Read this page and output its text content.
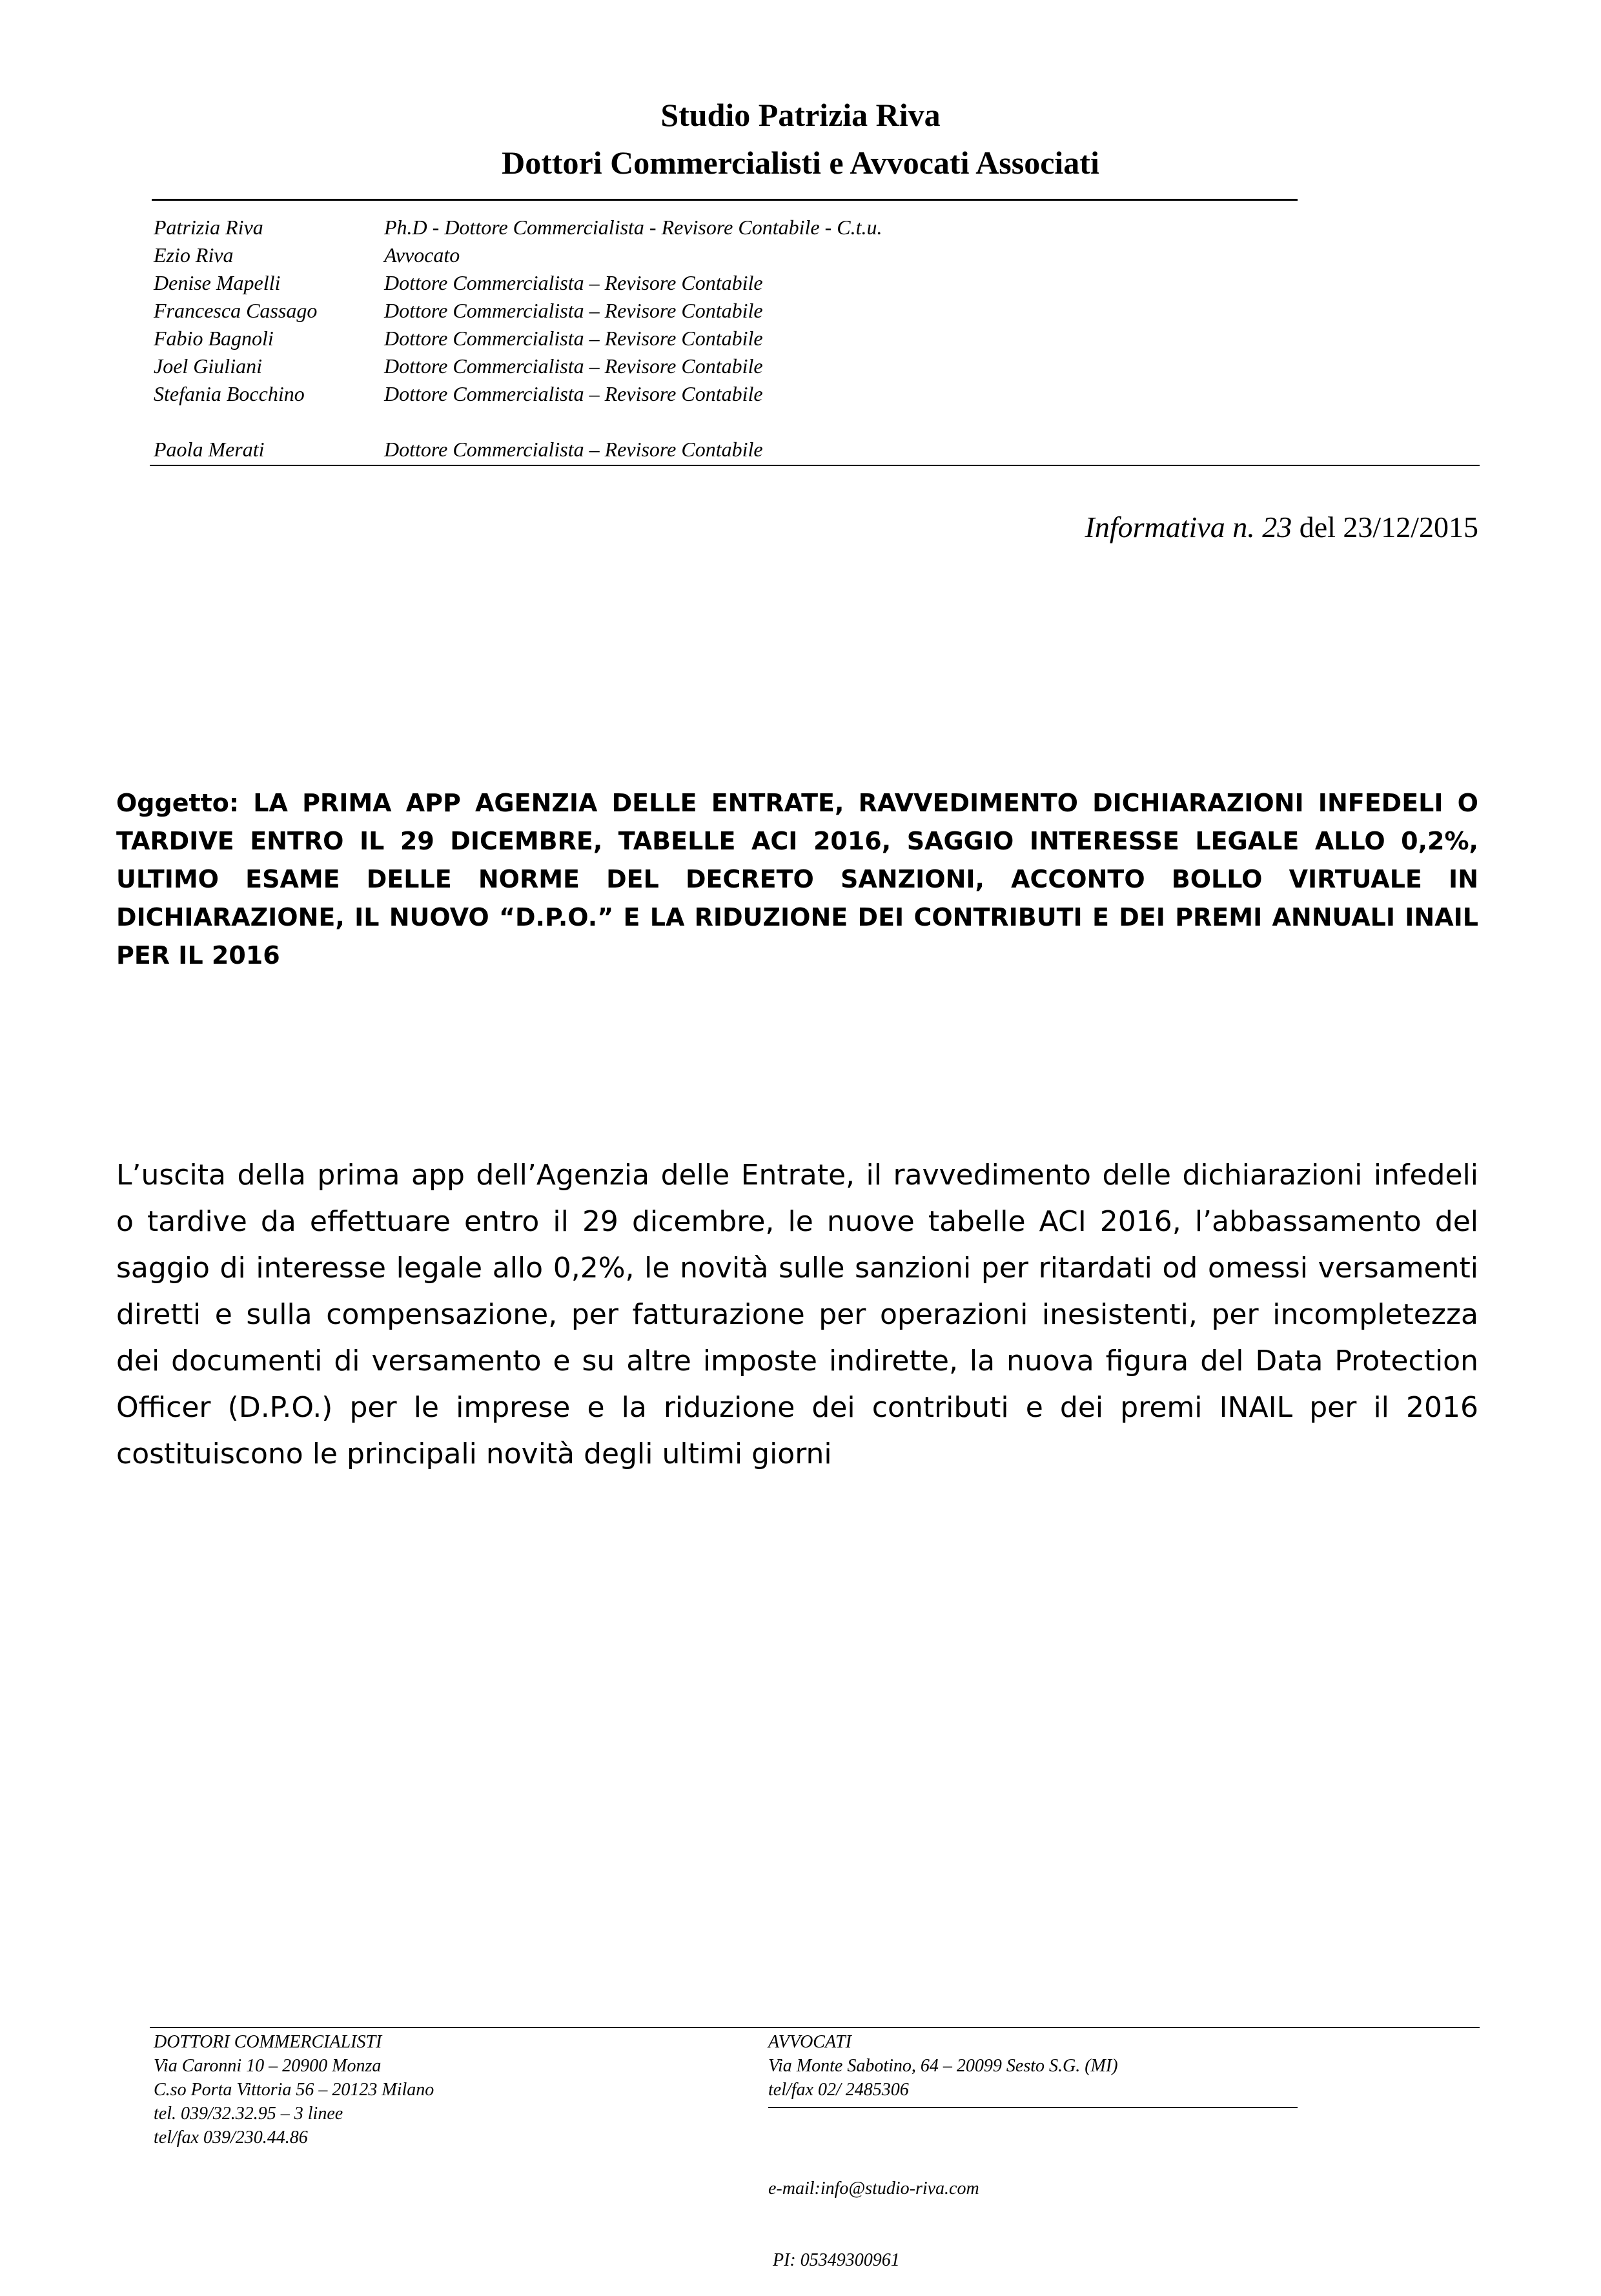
Studio Patrizia Riva
Dottori Commercialisti e Avvocati Associati
Patrizia Riva	Ph.D - Dottore Commercialista - Revisore Contabile - C.t.u.
Ezio Riva	Avvocato
Denise Mapelli	Dottore Commercialista – Revisore Contabile
Francesca Cassago	Dottore Commercialista – Revisore Contabile
Fabio Bagnoli	Dottore Commercialista – Revisore Contabile
Joel Giuliani	Dottore Commercialista – Revisore Contabile
Stefania Bocchino	Dottore Commercialista – Revisore Contabile
Paola Merati	Dottore Commercialista – Revisore Contabile
Informativa n. 23 del 23/12/2015
Oggetto: LA PRIMA APP AGENZIA DELLE ENTRATE, RAVVEDIMENTO DICHIARAZIONI INFEDELI O TARDIVE ENTRO IL 29 DICEMBRE, TABELLE ACI 2016, SAGGIO INTERESSE LEGALE ALLO 0,2%, ULTIMO ESAME DELLE NORME DEL DECRETO SANZIONI, ACCONTO BOLLO VIRTUALE IN DICHIARAZIONE, IL NUOVO “D.P.O.” E LA RIDUZIONE DEI CONTRIBUTI E DEI PREMI ANNUALI INAIL PER IL 2016
L’uscita della prima app dell’Agenzia delle Entrate, il ravvedimento delle dichiarazioni infedeli o tardive da effettuare entro il 29 dicembre, le nuove tabelle ACI 2016, l’abbassamento del saggio di interesse legale allo 0,2%, le novità sulle sanzioni per ritardati od omessi versamenti diretti e sulla compensazione, per fatturazione per operazioni inesistenti, per incompletezza dei documenti di versamento e su altre imposte indirette, la nuova figura del Data Protection Officer (D.P.O.) per le imprese e la riduzione dei contributi e dei premi INAIL per il 2016 costituiscono le principali novità degli ultimi giorni
DOTTORI COMMERCIALISTI
Via Caronni 10 – 20900 Monza
C.so Porta Vittoria 56 – 20123 Milano
tel. 039/32.32.95 – 3 linee
tel/fax 039/230.44.86
AVVOCATI
Via Monte Sabotino, 64 – 20099 Sesto S.G. (MI)
tel/fax 02/ 2485306

e-mail:info@studio-riva.com

PI: 05349300961
